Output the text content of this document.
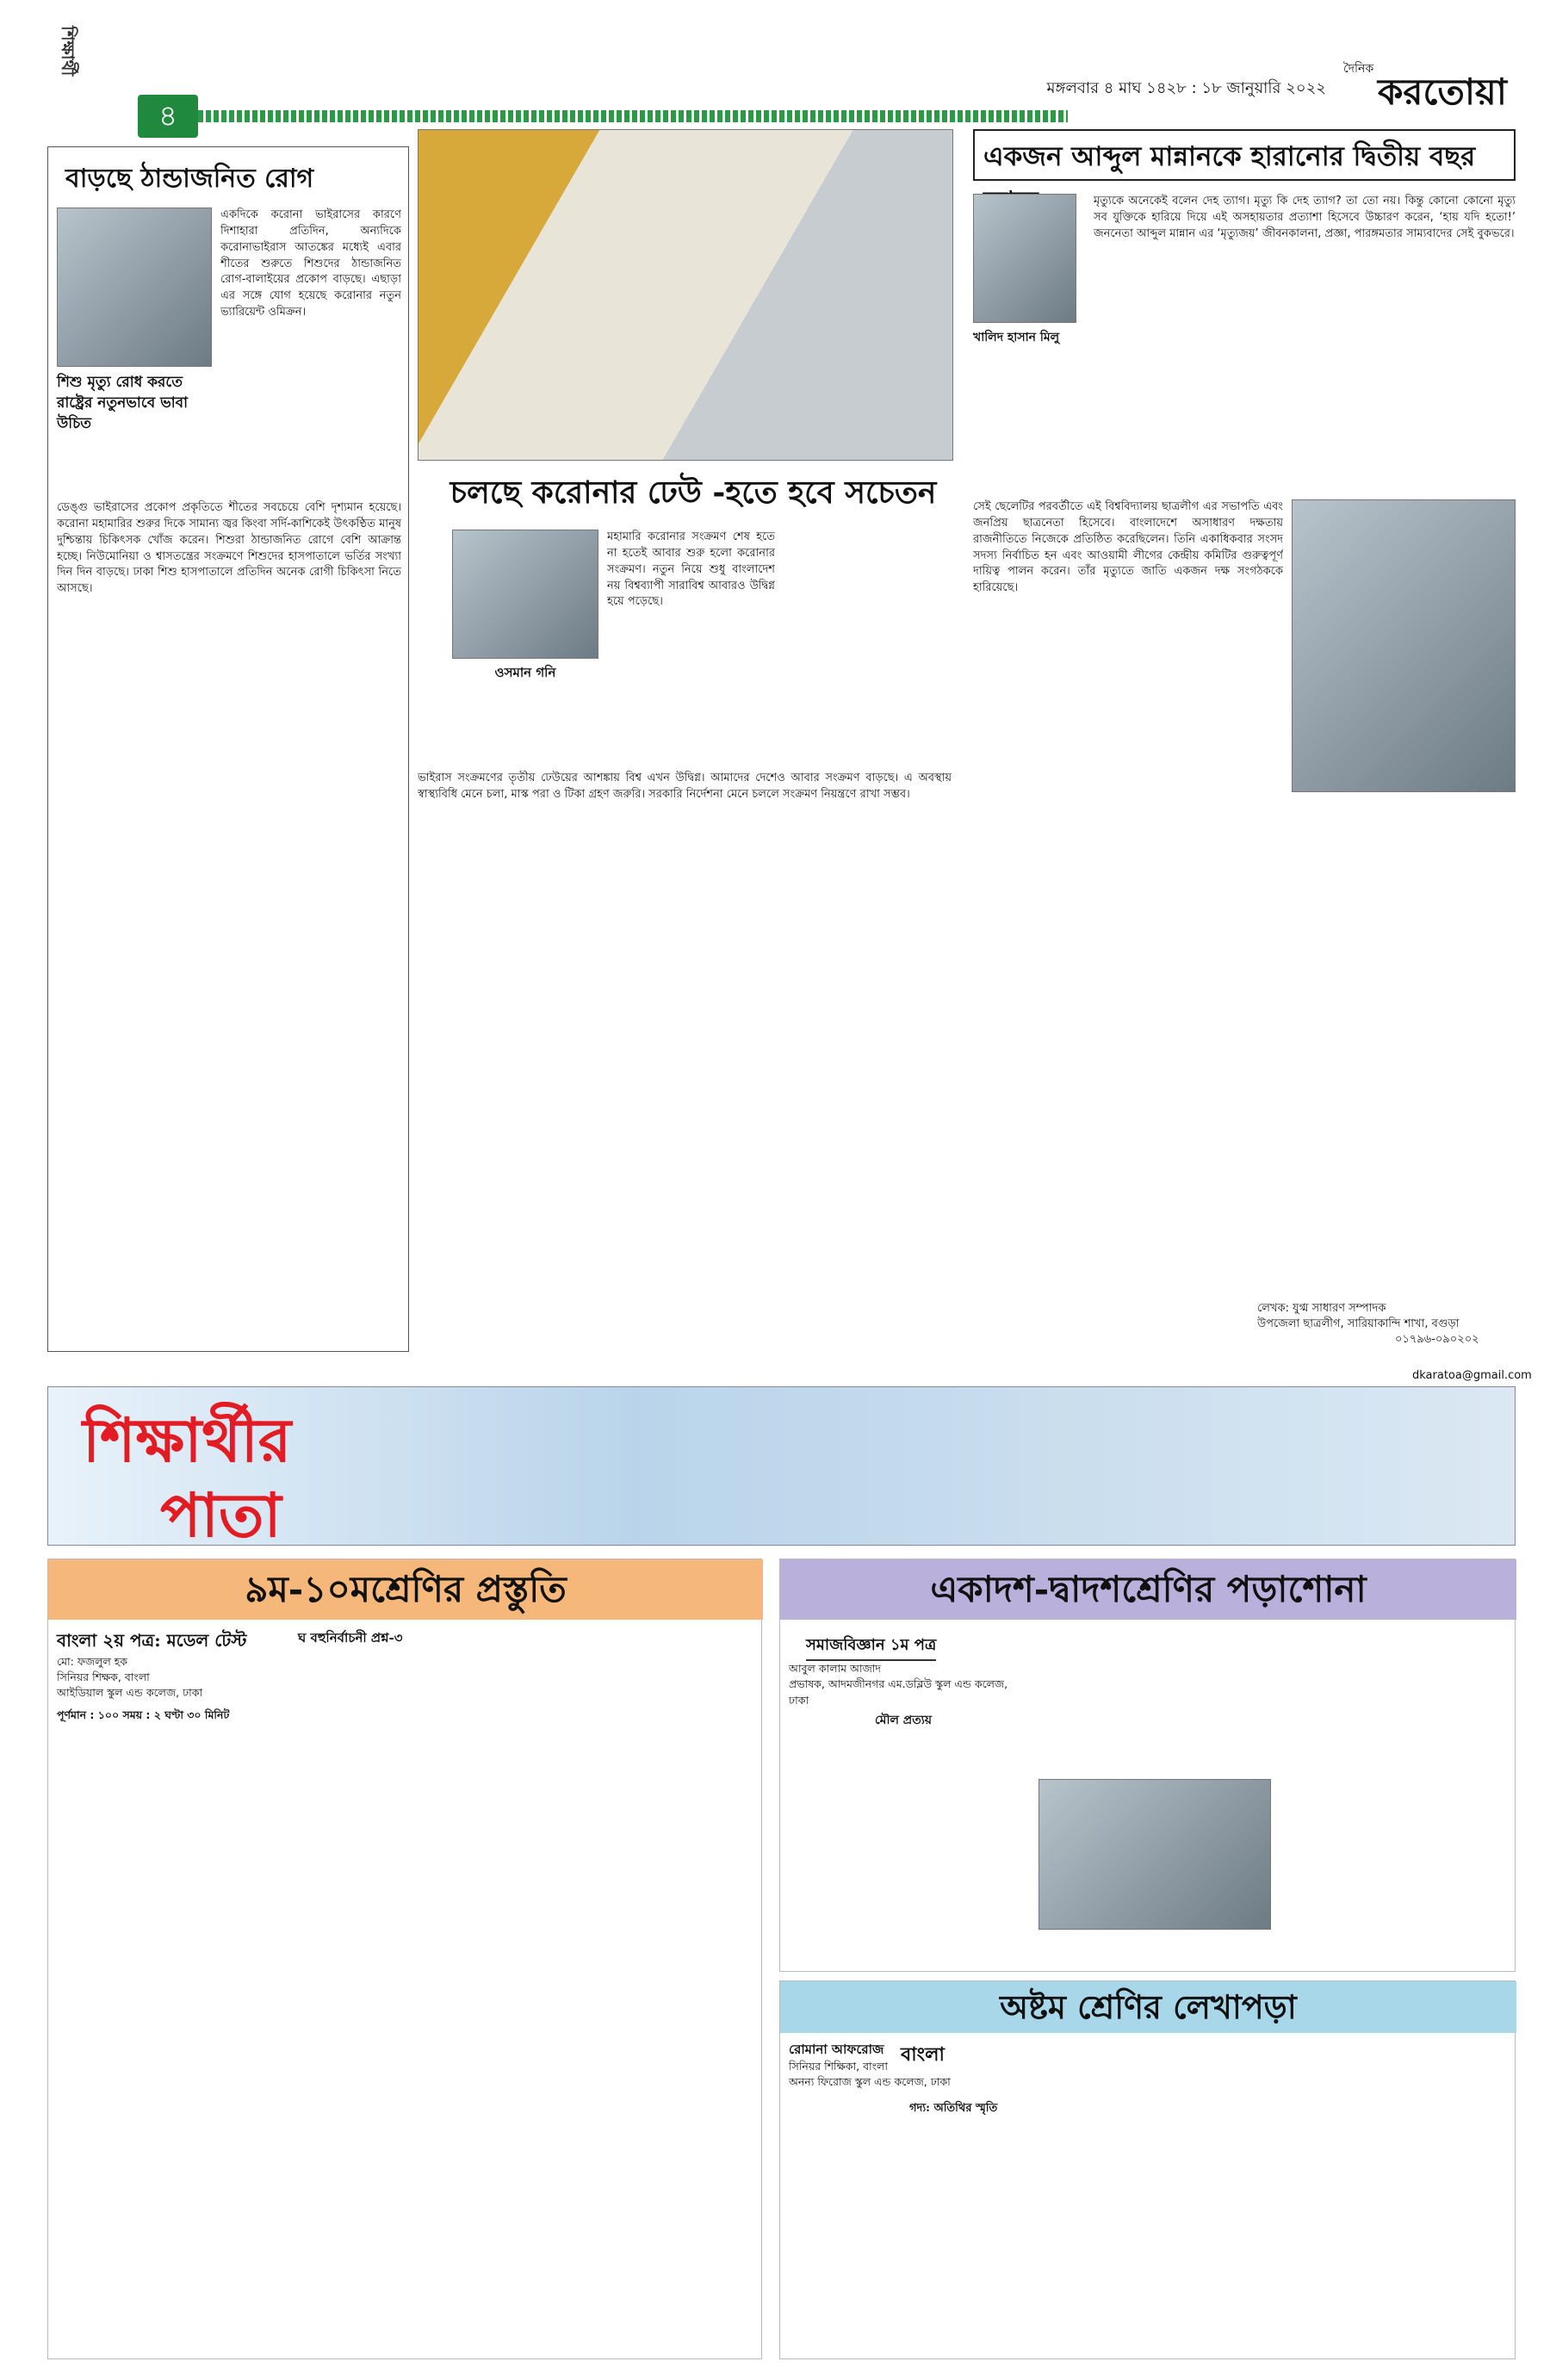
শিক্ষার্থী
৪
মঙ্গলবার ৪ মাঘ ১৪২৮ : ১৮ জানুয়ারি ২০২২
দৈনিক
করতোয়া
বাড়ছে ঠান্ডাজনিত রোগ
শিশু মৃত্যু রোধ করতে রাষ্ট্রের নতুনভাবে ভাবা উচিত
একদিকে করোনা ভাইরাসের কারণে দিশাহারা প্রতিদিন, অন্যদিকে করোনাভাইরাস আতঙ্কের মধ্যেই এবার শীতের শুরুতে শিশুদের ঠান্ডাজনিত রোগ-বালাইয়ের প্রকোপ বাড়ছে। এছাড়া এর সঙ্গে যোগ হয়েছে করোনার নতুন ভ্যারিয়েন্ট ওমিক্রন।
ডেঙ্গু ভাইরাসের প্রকোপ প্রকৃতিতে শীতের সবচেয়ে বেশি দৃশ্যমান হয়েছে। করোনা মহামারির শুরুর দিকে সামান্য জ্বর কিংবা সর্দি-কাশিকেই উৎকণ্ঠিত মানুষ দুশ্চিন্তায় চিকিৎসক খোঁজ করেন। শিশুরা ঠান্ডাজনিত রোগে বেশি আক্রান্ত হচ্ছে। নিউমোনিয়া ও শ্বাসতন্ত্রের সংক্রমণে শিশুদের হাসপাতালে ভর্তির সংখ্যা দিন দিন বাড়ছে। ঢাকা শিশু হাসপাতালে প্রতিদিন অনেক রোগী চিকিৎসা নিতে আসছে।
চলছে করোনার ঢেউ -হতে হবে সচেতন
ওসমান গনি
মহামারি করোনার সংক্রমণ শেষ হতে না হতেই আবার শুরু হলো করোনার সংক্রমণ। নতুন নিয়ে শুধু বাংলাদেশ নয় বিশ্বব্যাপী সারাবিশ্ব আবারও উদ্বিগ্ন হয়ে পড়েছে।
ভাইরাস সংক্রমণের তৃতীয় ঢেউয়ের আশঙ্কায় বিশ্ব এখন উদ্বিগ্ন। আমাদের দেশেও আবার সংক্রমণ বাড়ছে। এ অবস্থায় স্বাস্থ্যবিধি মেনে চলা, মাস্ক পরা ও টিকা গ্রহণ জরুরি। সরকারি নির্দেশনা মেনে চললে সংক্রমণ নিয়ন্ত্রণে রাখা সম্ভব।
একজন আব্দুল মান্নানকে হারানোর দ্বিতীয় বছর
খালিদ হাসান মিলু
মৃত্যুকে অনেকেই বলেন দেহ ত্যাগ। মৃত্যু কি দেহ ত্যাগ? তা তো নয়। কিন্তু কোনো কোনো মৃত্যু সব যুক্তিকে হারিয়ে দিয়ে এই অসহায়তার প্রত্যাশা হিসেবে উচ্চারণ করেন, ‘হায় যদি হতো!’ জননেতা আব্দুল মান্নান এর ‘মৃত্যুজয়’ জীবনকালনা, প্রজ্ঞা, পারঙ্গমতার সাম্যবাদের সেই বুকভরে।
সেই ছেলেটির পরবর্তীতে এই বিশ্ববিদ্যালয় ছাত্রলীগ এর সভাপতি এবং জনপ্রিয় ছাত্রনেতা হিসেবে। বাংলাদেশে অসাধারণ দক্ষতায় রাজনীতিতে নিজেকে প্রতিষ্ঠিত করেছিলেন। তিনি একাধিকবার সংসদ সদস্য নির্বাচিত হন এবং আওয়ামী লীগের কেন্দ্রীয় কমিটির গুরুত্বপূর্ণ দায়িত্ব পালন করেন। তাঁর মৃত্যুতে জাতি একজন দক্ষ সংগঠককে হারিয়েছে।
লেখক: যুগ্ম সাধারণ সম্পাদক
উপজেলা ছাত্রলীগ, সারিয়াকান্দি শাখা, বগুড়া
০১৭৯৬-০৯০২০২
dkaratoa@gmail.com
শিক্ষার্থীর
পাতা
৯ম-১০মশ্রেণির প্রস্তুতি
বাংলা ২য় পত্র: মডেল টেস্ট
মো: ফজলুল হক
সিনিয়র শিক্ষক, বাংলা
আইডিয়াল স্কুল এন্ড কলেজ, ঢাকা
পূর্ণমান : ১০০ সময় : ২ ঘণ্টা ৩০ মিনিট
ঘ বহুনির্বাচনী প্রশ্ন-৩
একাদশ-দ্বাদশশ্রেণির পড়াশোনা
সমাজবিজ্ঞান ১ম পত্র
আবুল কালাম আজাদ
প্রভাষক, আদমজীনগর এম.ডব্লিউ স্কুল এন্ড কলেজ, ঢাকা
মৌল প্রত্যয়
অষ্টম শ্রেণির লেখাপড়া
রোমানা আফরোজ
সিনিয়র শিক্ষিকা, বাংলা
অনন্য ফিরোজ স্কুল এন্ড কলেজ, ঢাকা
বাংলা
গদ্য: অতিথির স্মৃতি
